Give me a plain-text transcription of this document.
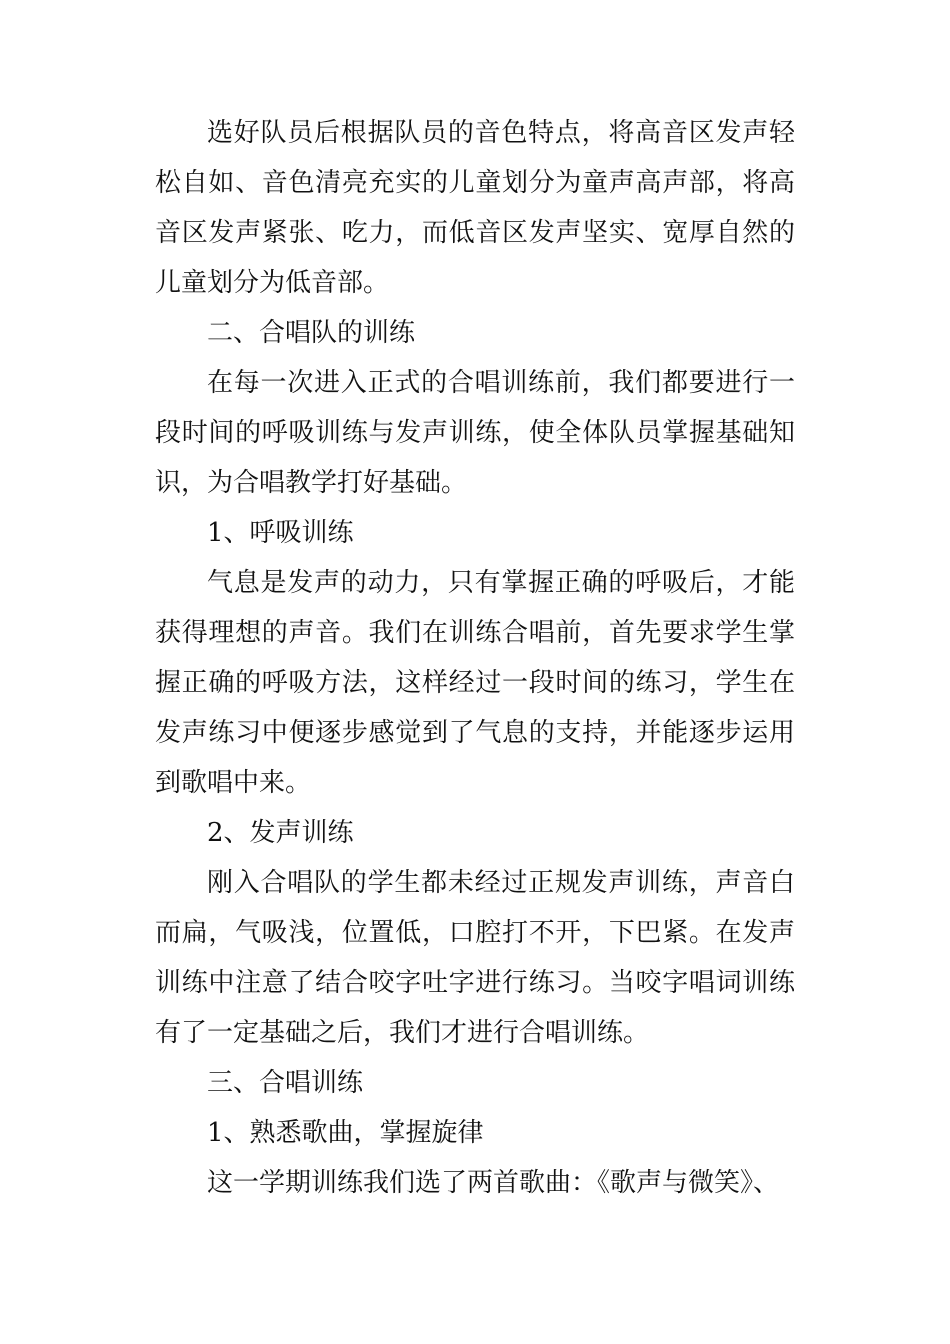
选好队员后根据队员的音色特点，将高音区发声轻松自如、音色清亮充实的儿童划分为童声高声部，将高音区发声紧张、吃力，而低音区发声坚实、宽厚自然的儿童划分为低音部。

二、合唱队的训练

在每一次进入正式的合唱训练前，我们都要进行一段时间的呼吸训练与发声训练，使全体队员掌握基础知识，为合唱教学打好基础。

1、呼吸训练

气息是发声的动力，只有掌握正确的呼吸后，才能获得理想的声音。我们在训练合唱前，首先要求学生掌握正确的呼吸方法，这样经过一段时间的练习，学生在发声练习中便逐步感觉到了气息的支持，并能逐步运用到歌唱中来。

2、发声训练

刚入合唱队的学生都未经过正规发声训练，声音白而扁，气吸浅，位置低，口腔打不开，下巴紧。在发声训练中注意了结合咬字吐字进行练习。当咬字唱词训练有了一定基础之后，我们才进行合唱训练。

三、合唱训练

1、熟悉歌曲，掌握旋律

这一学期训练我们选了两首歌曲：《歌声与微笑》、
